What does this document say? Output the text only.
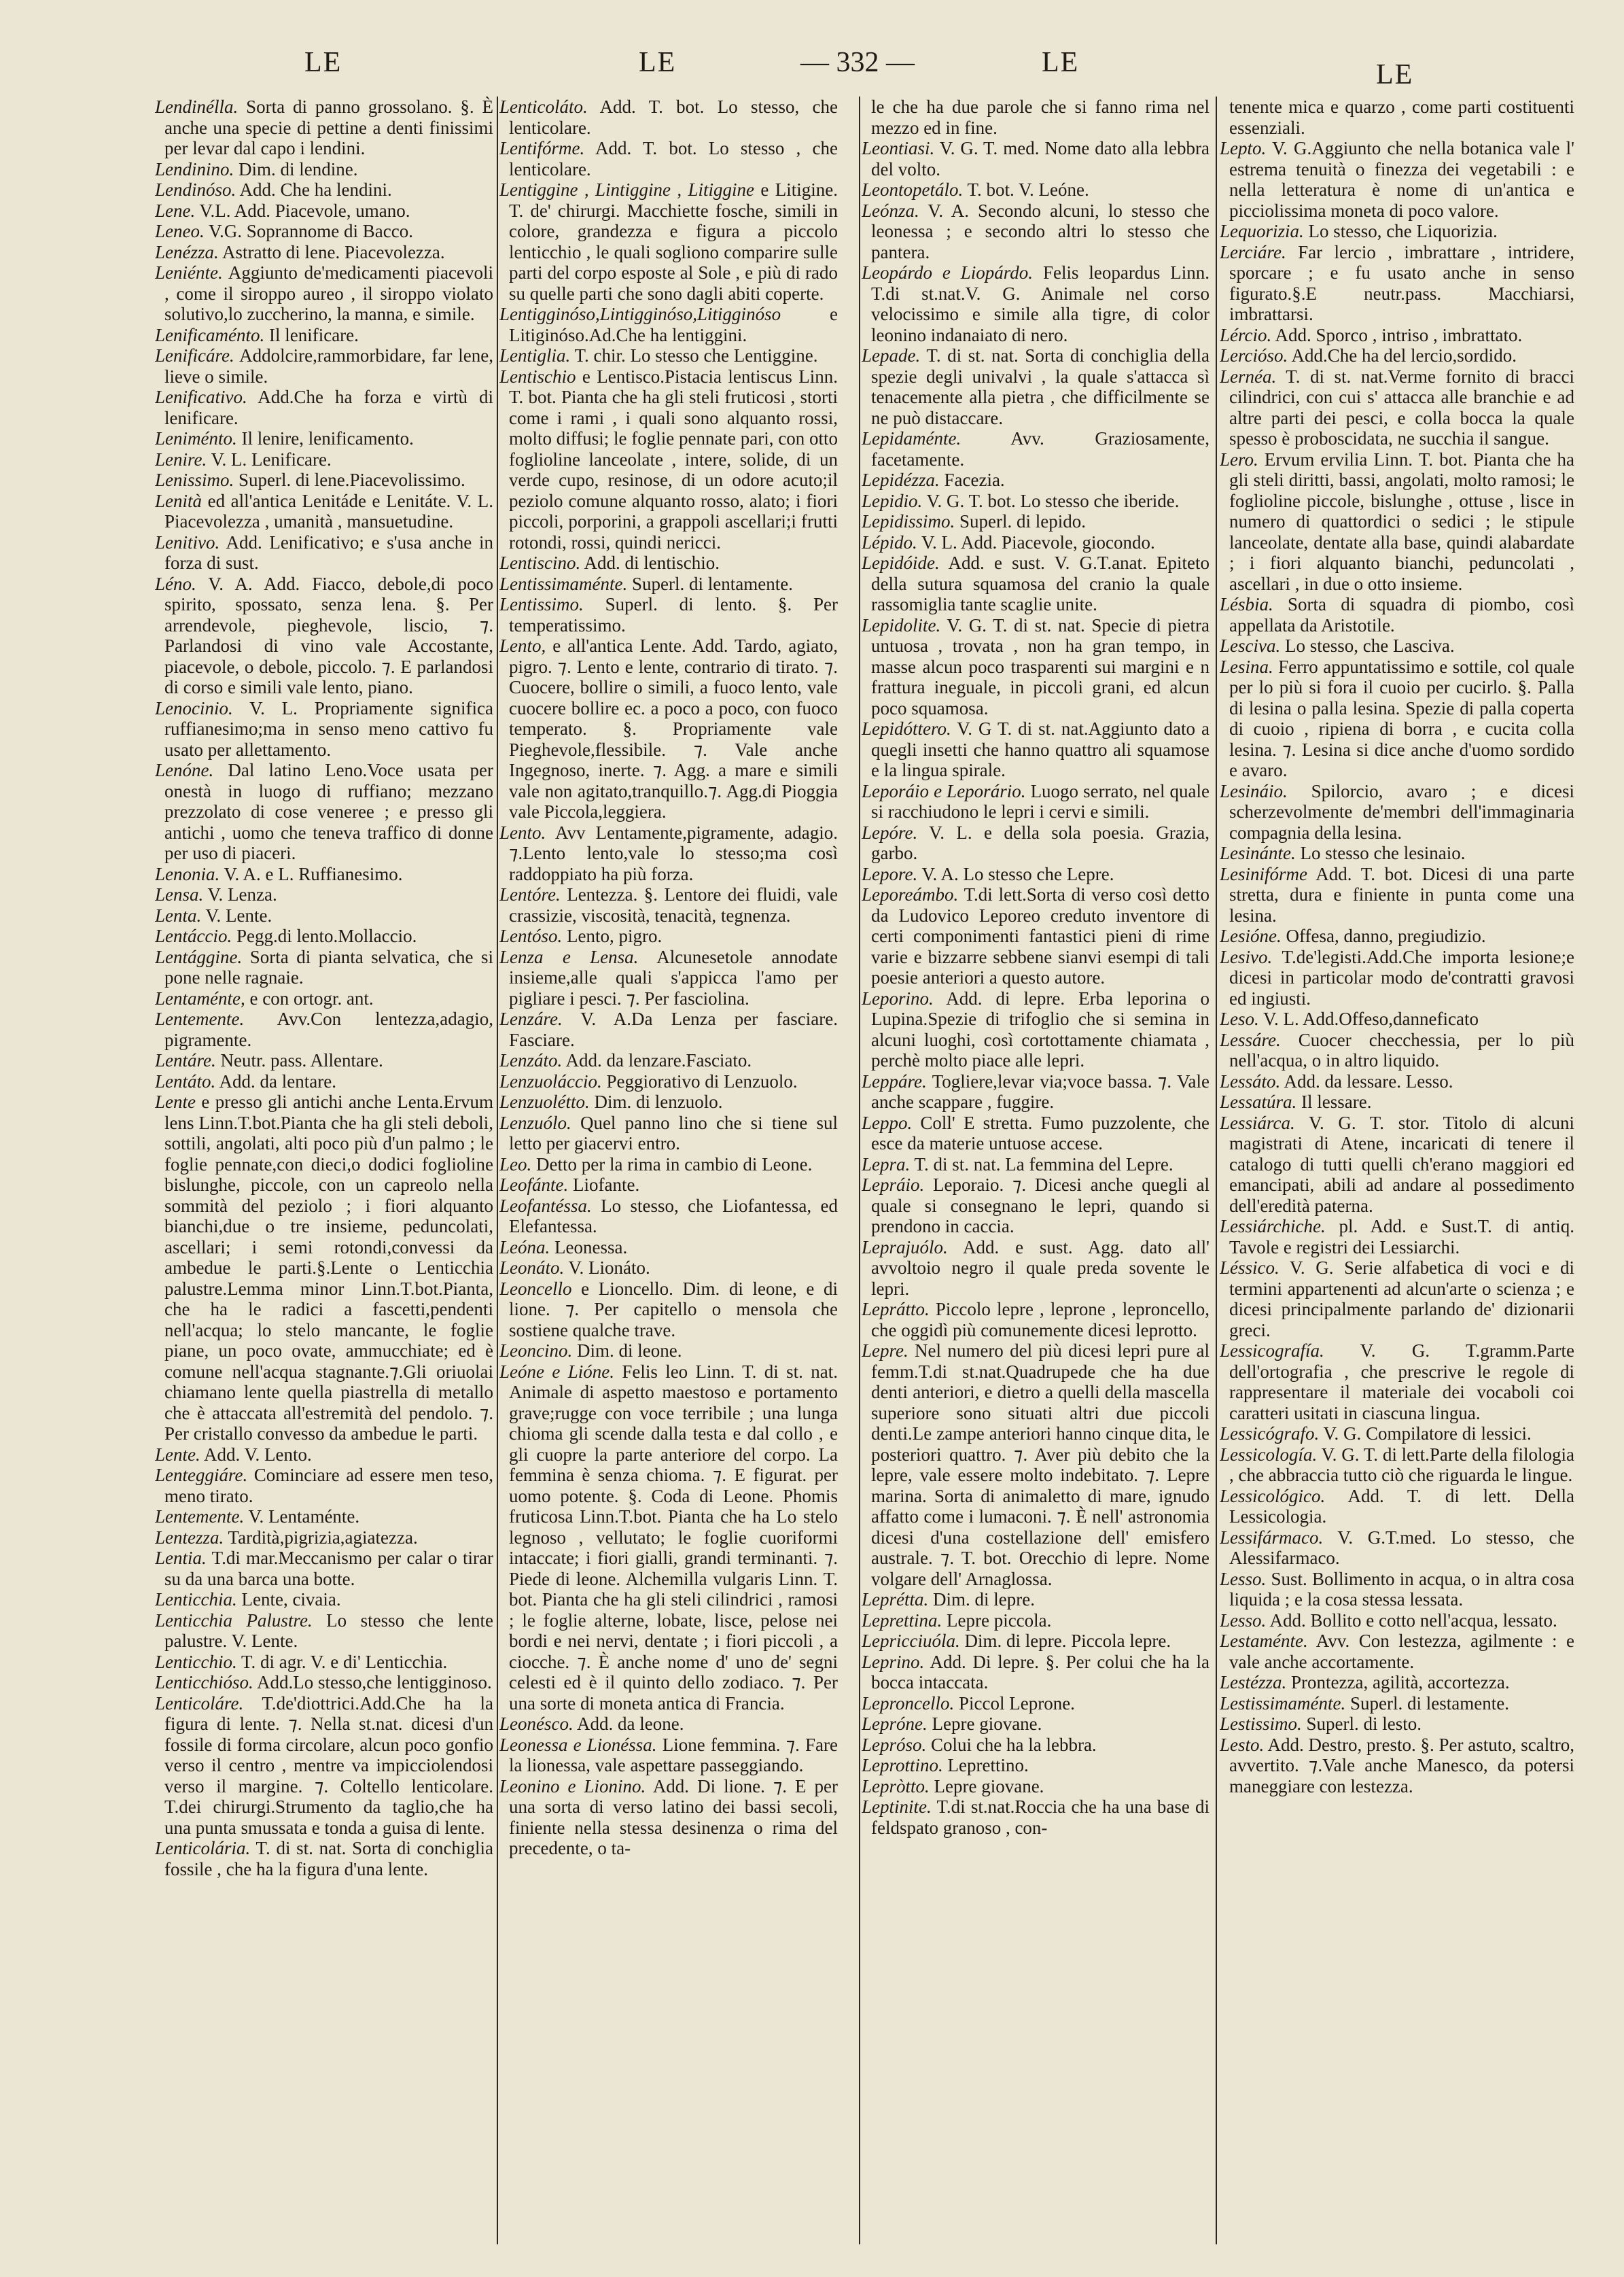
LE	LE	— 332 —	LE	LE

Lendinélla. Sorta di panno grossolano. §. È anche una specie di pettine a denti finissimi per levar dal capo i lendini.

Lendinino. Dim. di lendine.

Lendinóso. Add. Che ha lendini.

Lene. V.L. Add. Piacevole, umano.

Leneo. V.G. Soprannome di Bacco.

Lenézza. Astratto di lene. Piacevolezza.

Leniénte. Aggiunto de'medicamenti piacevoli , come il siroppo aureo , il siroppo violato solutivo,lo zuccherino, la manna, e simile.

Lenificaménto. Il lenificare.

Lenificáre. Addolcire,rammorbidare, far lene, lieve o simile.

Lenificativo. Add.Che ha forza e virtù di lenificare.

Leniménto. Il lenire, lenificamento.

Lenire. V. L. Lenificare.

Lenissimo. Superl. di lene.Piacevolissimo.

Lenità ed all'antica Lenitáde e Lenitáte. V. L. Piacevolezza , umanità , mansuetudine.

Lenitivo. Add. Lenificativo; e s'usa anche in forza di sust.

Léno. V. A. Add. Fiacco, debole,di poco spirito, spossato, senza lena. §. Per arrendevole, pieghevole, liscio, ⁊. Parlandosi di vino vale Accostante, piacevole, o debole, piccolo. ⁊. E parlandosi di corso e simili vale lento, piano.

Lenocinio. V. L. Propriamente significa ruffianesimo;ma in senso meno cattivo fu usato per allettamento.

Lenóne. Dal latino Leno.Voce usata per onestà in luogo di ruffiano; mezzano prezzolato di cose veneree ; e presso gli antichi , uomo che teneva traffico di donne per uso di piaceri.

Lenonia. V. A. e L. Ruffianesimo.

Lensa. V. Lenza.

Lenta. V. Lente.

Lentáccio. Pegg.di lento.Mollaccio.

Lentággine. Sorta di pianta selvatica, che si pone nelle ragnaie.

Lentaménte, e con ortogr. ant.

Lentemente. Avv.Con lentezza,adagio, pigramente.

Lentáre. Neutr. pass. Allentare.

Lentáto. Add. da lentare.

Lente e presso gli antichi anche Lenta.Ervum lens Linn.T.bot.Pianta che ha gli steli deboli, sottili, angolati, alti poco più d'un palmo ; le foglie pennate,con dieci,o dodici foglioline bislunghe, piccole, con un capreolo nella sommità del peziolo ; i fiori alquanto bianchi,due o tre insieme, peduncolati, ascellari; i semi rotondi,convessi da ambedue le parti.§.Lente o Lenticchia palustre.Lemma minor Linn.T.bot.Pianta, che ha le radici a fascetti,pendenti nell'acqua; lo stelo mancante, le foglie piane, un poco ovate, ammucchiate; ed è comune nell'acqua stagnante.⁊.Gli oriuolai chiamano lente quella piastrella di metallo che è attaccata all'estremità del pendolo. ⁊. Per cristallo convesso da ambedue le parti.

Lente. Add. V. Lento.

Lenteggiáre. Cominciare ad essere men teso, meno tirato.

Lentemente. V. Lentaménte.

Lentezza. Tardità,pigrizia,agiatezza.

Lentia. T.di mar.Meccanismo per calar o tirar su da una barca una botte.

Lenticchia. Lente, civaia.

Lenticchia Palustre. Lo stesso che lente palustre. V. Lente.

Lenticchio. T. di agr. V. e di' Lenticchia.

Lenticchióso. Add.Lo stesso,che lentigginoso.

Lenticoláre. T.de'diottrici.Add.Che ha la figura di lente. ⁊. Nella st.nat. dicesi d'un fossile di forma circolare, alcun poco gonfio verso il centro , mentre va impicciolendosi verso il margine. ⁊. Coltello lenticolare. T.dei chirurgi.Strumento da taglio,che ha una punta smussata e tonda a guisa di lente.

Lenticolária. T. di st. nat. Sorta di conchiglia fossile , che ha la figura d'una lente.

Lenticoláto. Add. T. bot. Lo stesso, che lenticolare.

Lentifórme. Add. T. bot. Lo stesso , che lenticolare.

Lentiggine , Lintiggine , Litiggine e Litigine. T. de' chirurgi. Macchiette fosche, simili in colore, grandezza e figura a piccolo lenticchio , le quali sogliono comparire sulle parti del corpo esposte al Sole , e più di rado su quelle parti che sono dagli abiti coperte.

Lentigginóso,Lintigginóso,Litigginóso	e Litiginóso.Ad.Che ha lentiggini.

Lentiglia. T. chir. Lo stesso che Lentiggine.

Lentischio e Lentisco.Pistacia lentiscus Linn. T. bot. Pianta che ha gli steli fruticosi , storti come i rami , i quali sono alquanto rossi, molto diffusi; le foglie pennate pari, con otto foglioline lanceolate , intere, solide, di un verde cupo, resinose, di un odore acuto;il peziolo comune alquanto rosso, alato; i fiori piccoli, porporini, a grappoli ascellari;i frutti rotondi, rossi, quindi nericci.

Lentiscino. Add. di lentischio.

Lentissimaménte. Superl. di lentamente.

Lentissimo. Superl. di lento. §. Per temperatissimo.

Lento, e all'antica Lente. Add. Tardo, agiato, pigro. ⁊. Lento e lente, contrario di tirato. ⁊. Cuocere, bollire o simili, a fuoco lento, vale cuocere bollire ec. a poco a poco, con fuoco temperato. §. Propriamente vale Pieghevole,flessibile. ⁊. Vale anche Ingegnoso, inerte. ⁊. Agg. a mare e simili vale non agitato,tranquillo.⁊. Agg.di Pioggia vale Piccola,leggiera.

Lento. Avv Lentamente,pigramente, adagio. ⁊.Lento lento,vale lo stesso;ma così raddoppiato ha più forza.

Lentóre. Lentezza. §. Lentore dei fluidi, vale crassizie, viscosità, tenacità, tegnenza.

Lentóso. Lento, pigro.

Lenza e Lensa. Alcunesetole annodate insieme,alle quali s'appicca l'amo per pigliare i pesci. ⁊. Per fasciolina.

Lenzáre. V. A.Da Lenza per fasciare. Fasciare.

Lenzáto. Add. da lenzare.Fasciato.

Lenzuoláccio. Peggiorativo di Lenzuolo.

Lenzuolétto. Dim. di lenzuolo.

Lenzuólo. Quel panno lino che si tiene sul letto per giacervi entro.

Leo. Detto per la rima in cambio di Leone.

Leofánte. Liofante.

Leofantéssa. Lo stesso, che Liofantessa, ed Elefantessa.

Leóna. Leonessa.

Leonáto. V. Lionáto.

Leoncello e Lioncello. Dim. di leone, e di lione. ⁊. Per capitello o mensola che sostiene qualche trave.

Leoncino. Dim. di leone.

Leóne e Lióne. Felis leo Linn. T. di st. nat. Animale di aspetto maestoso e portamento grave;rugge con voce terribile ; una lunga chioma gli scende dalla testa e dal collo , e gli cuopre la parte anteriore del corpo. La femmina è senza chioma. ⁊. E figurat. per uomo potente. §. Coda di Leone. Phomis fruticosa Linn.T.bot. Pianta che ha Lo stelo legnoso , vellutato; le foglie cuoriformi intaccate; i fiori gialli, grandi terminanti. ⁊. Piede di leone. Alchemilla vulgaris Linn. T. bot. Pianta che ha gli steli cilindrici , ramosi ; le foglie alterne, lobate, lisce, pelose nei bordi e nei nervi, dentate ; i fiori piccoli , a ciocche. ⁊. È anche nome d' uno de' segni celesti ed è il quinto dello zodiaco. ⁊. Per una sorte di moneta antica di Francia.

Leonésco. Add. da leone.

Leonessa e Lionéssa. Lione femmina. ⁊. Fare la lionessa, vale aspettare passeggiando.

Leonino e Lionino. Add. Di lione. ⁊. E per una sorta di verso latino dei bassi secoli, finiente nella stessa desinenza o rima del precedente, o ta-

le che ha due parole che si fanno rima nel mezzo ed in fine.

Leontiasi. V. G. T. med. Nome dato alla lebbra del volto.

Leontopetálo. T. bot. V. Leóne.

Leónza. V. A. Secondo alcuni, lo stesso che leonessa ; e secondo altri lo stesso che pantera.

Leopárdo e Liopárdo. Felis leopardus Linn. T.di st.nat.V. G. Animale nel corso velocissimo e simile alla tigre, di color leonino indanaiato di nero.

Lepade. T. di st. nat. Sorta di conchiglia della spezie degli univalvi , la quale s'attacca sì tenacemente alla pietra , che difficilmente se ne può distaccare.

Lepidaménte.	Avv. Graziosamente, facetamente.

Lepidézza. Facezia.

Lepidio. V. G. T. bot. Lo stesso che iberide.

Lepidissimo. Superl. di lepido.

Lépido. V. L. Add. Piacevole, giocondo.

Lepidóide. Add. e sust. V. G.T.anat. Epiteto della sutura squamosa del cranio la quale rassomiglia tante scaglie unite.

Lepidolite. V. G. T. di st. nat. Specie di pietra untuosa , trovata , non ha gran tempo, in masse alcun poco trasparenti sui margini e n frattura ineguale, in piccoli grani, ed alcun poco squamosa.

Lepidóttero. V. G T. di st. nat.Aggiunto dato a quegli insetti che hanno quattro ali squamose e la lingua spirale.

Leporáio e Leporário. Luogo serrato, nel quale si racchiudono le lepri i cervi e simili.

Lepóre. V. L. e della sola poesia. Grazia, garbo.

Lepore. V. A. Lo stesso che Lepre.

Leporeámbo. T.di lett.Sorta di verso così detto da Ludovico Leporeo creduto inventore di certi componimenti fantastici pieni di rime varie e bizzarre sebbene sianvi esempi di tali poesie anteriori a questo autore.

Leporino. Add. di lepre. Erba leporina o Lupina.Spezie di trifoglio che si semina in alcuni luoghi, così cortottamente chiamata , perchè molto piace alle lepri.

Leppáre. Togliere,levar via;voce bassa. ⁊. Vale anche scappare , fuggire.

Leppo. Coll' E stretta. Fumo puzzolente, che esce da materie untuose accese.

Lepra. T. di st. nat. La femmina del Lepre.

Lepráio. Leporaio. ⁊. Dicesi anche quegli al quale si consegnano le lepri, quando si prendono in caccia.

Leprajuólo. Add. e sust. Agg. dato all' avvoltoio negro il quale preda sovente le lepri.

Leprátto. Piccolo lepre , leprone , leproncello, che oggidì più comunemente dicesi leprotto.

Lepre. Nel numero del più dicesi lepri pure al femm.T.di st.nat.Quadrupede che ha due denti anteriori, e dietro a quelli della mascella superiore sono situati altri due piccoli denti.Le zampe anteriori hanno cinque dita, le posteriori quattro. ⁊. Aver più debito che la lepre, vale essere molto indebitato. ⁊. Lepre marina. Sorta di animaletto di mare, ignudo affatto come i lumaconi. ⁊. È nell' astronomia dicesi d'una costellazione dell' emisfero australe. ⁊. T. bot. Orecchio di lepre. Nome volgare dell' Arnaglossa.

Leprétta. Dim. di lepre.

Leprettina. Lepre piccola.

Lepricciuóla. Dim. di lepre. Piccola lepre.

Leprino. Add. Di lepre. §. Per colui che ha la bocca intaccata.

Leproncello. Piccol Leprone.

Lepróne. Lepre giovane.

Lepróso. Colui che ha la lebbra.

Leprottino. Leprettino.

Lepròtto. Lepre giovane.

Leptinite. T.di st.nat.Roccia che ha una base di feldspato granoso , con-

tenente mica e quarzo , come parti costituenti essenziali.

Lepto. V. G.Aggiunto che nella botanica vale l' estrema tenuità o finezza dei vegetabili : e nella letteratura è nome di un'antica e picciolissima moneta di poco valore.

Lequorizia. Lo stesso, che Liquorizia.

Lerciáre. Far lercio , imbrattare , intridere, sporcare ; e fu usato anche in senso figurato.§.E neutr.pass. Macchiarsi, imbrattarsi.

Lércio. Add. Sporco , intriso , imbrattato.

Lercióso. Add.Che ha del lercio,sordido.

Lernéa. T. di st. nat.Verme fornito di bracci cilindrici, con cui s' attacca alle branchie e ad altre parti dei pesci, e colla bocca la quale spesso è proboscidata, ne succhia il sangue.

Lero. Ervum ervilia Linn. T. bot. Pianta che ha gli steli diritti, bassi, angolati, molto ramosi; le foglioline piccole, bislunghe , ottuse , lisce in numero di quattordici o sedici ; le stipule lanceolate, dentate alla base, quindi alabardate ; i fiori alquanto bianchi, peduncolati , ascellari , in due o otto insieme.

Lésbia. Sorta di squadra di piombo, così appellata da Aristotile.

Lesciva. Lo stesso, che Lasciva.

Lesina. Ferro appuntatissimo e sottile, col quale per lo più si fora il cuoio per cucirlo. §. Palla di lesina o palla lesina. Spezie di palla coperta di cuoio , ripiena di borra , e cucita colla lesina. ⁊. Lesina si dice anche d'uomo sordido e avaro.

Lesináio. Spilorcio, avaro ; e dicesi scherzevolmente de'membri dell'immaginaria compagnia della lesina.

Lesinánte. Lo stesso che lesinaio.

Lesinifórme Add. T. bot. Dicesi di una parte stretta, dura e finiente in punta come una lesina.

Lesióne. Offesa, danno, pregiudizio.

Lesivo. T.de'legisti.Add.Che importa lesione;e dicesi in particolar modo de'contratti gravosi ed ingiusti.

Leso. V. L. Add.Offeso,danneficato

Lessáre. Cuocer checchessia, per lo più nell'acqua, o in altro liquido.

Lessáto. Add. da lessare. Lesso.

Lessatúra. Il lessare.

Lessiárca. V. G. T. stor. Titolo di alcuni magistrati di Atene, incaricati di tenere il catalogo di tutti quelli ch'erano maggiori ed emancipati, abili ad andare al possedimento dell'eredità paterna.

Lessiárchiche. pl. Add. e Sust.T. di antiq. Tavole e registri dei Lessiarchi.

Léssico. V. G. Serie alfabetica di voci e di termini appartenenti ad alcun'arte o scienza ; e dicesi principalmente parlando de' dizionarii greci.

Lessicografía. V. G. T.gramm.Parte dell'ortografia , che prescrive le regole di rappresentare il materiale dei vocaboli coi caratteri usitati in ciascuna lingua.

Lessicógrafo. V. G. Compilatore di lessici.

Lessicología. V. G. T. di lett.Parte della filologia , che abbraccia tutto ciò che riguarda le lingue.

Lessicológico. Add. T. di lett. Della Lessicologia.

Lessifármaco. V. G.T.med. Lo stesso, che Alessifarmaco.

Lesso. Sust. Bollimento in acqua, o in altra cosa liquida ; e la cosa stessa lessata.

Lesso. Add. Bollito e cotto nell'acqua, lessato.

Lestaménte. Avv. Con lestezza, agilmente : e vale anche accortamente.

Lestézza. Prontezza, agilità, accortezza.

Lestissimaménte. Superl. di lestamente.

Lestissimo. Superl. di lesto.

Lesto. Add. Destro, presto. §. Per astuto, scaltro, avvertito. ⁊.Vale anche Manesco, da potersi maneggiare con lestezza.
